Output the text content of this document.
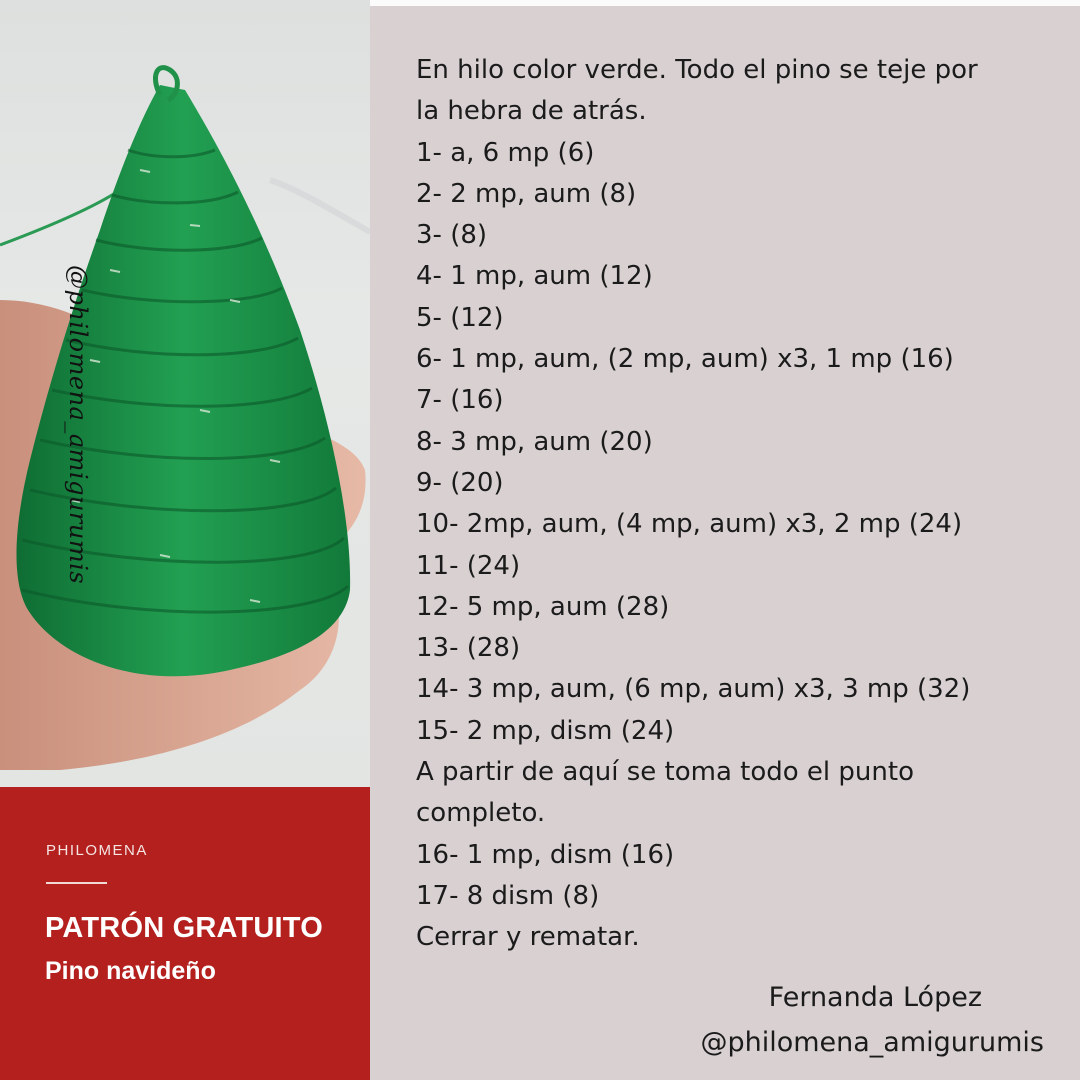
@philomena_amigurumis
PHILOMENA
PATRÓN GRATUITO
Pino navideño
En hilo color verde. Todo el pino se teje por
la hebra de atrás.
1- a, 6 mp (6)
2- 2 mp, aum (8)
3- (8)
4- 1 mp, aum (12)
5- (12)
6- 1 mp, aum, (2 mp, aum) x3, 1 mp (16)
7- (16)
8- 3 mp, aum (20)
9- (20)
10- 2mp, aum, (4 mp, aum) x3, 2 mp (24)
11- (24)
12- 5 mp, aum (28)
13- (28)
14- 3 mp, aum, (6 mp, aum) x3, 3 mp (32)
15- 2 mp, dism (24)
A partir de aquí se toma todo el punto
completo.
16- 1 mp, dism (16)
17- 8 dism (8)
Cerrar y rematar.
Fernanda López
@philomena_amigurumis
